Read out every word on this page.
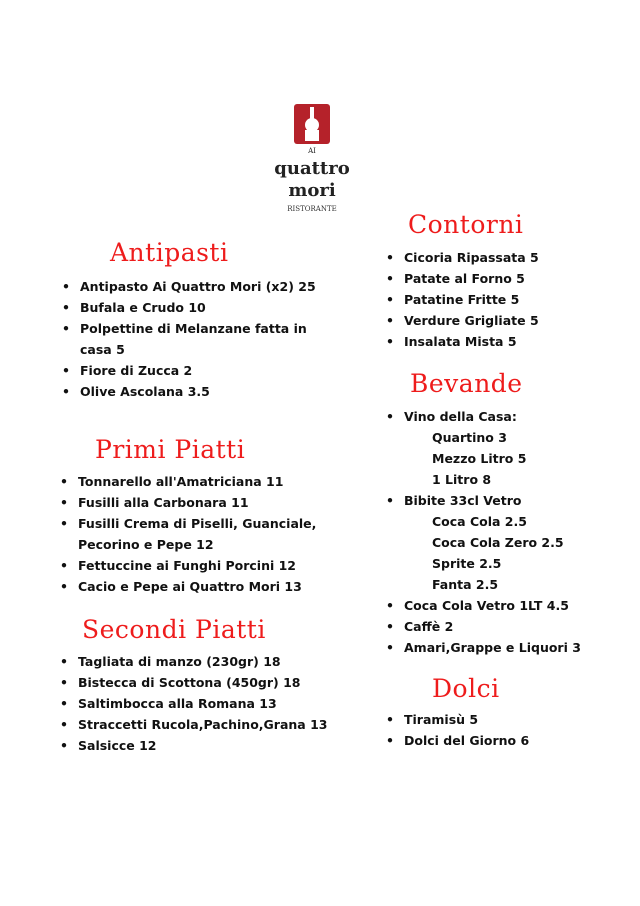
AI
quattro
mori
RISTORANTE
Antipasti
• Antipasto Ai Quattro Mori (x2) 25
• Bufala e Crudo 10
• Polpettine di Melanzane fatta in
casa 5
• Fiore di Zucca 2
• Olive Ascolana 3.5
Primi Piatti
• Tonnarello all'Amatriciana 11
• Fusilli alla Carbonara 11
• Fusilli Crema di Piselli, Guanciale,
Pecorino e Pepe 12
• Fettuccine ai Funghi Porcini 12
• Cacio e Pepe ai Quattro Mori 13
Secondi Piatti
• Tagliata di manzo (230gr) 18
• Bistecca di Scottona (450gr) 18
• Saltimbocca alla Romana 13
• Straccetti Rucola,Pachino,Grana 13
• Salsicce 12
Contorni
• Cicoria Ripassata 5
• Patate al Forno 5
• Patatine Fritte 5
• Verdure Grigliate 5
• Insalata Mista 5
Bevande
• Vino della Casa:
Quartino 3
Mezzo Litro 5
1 Litro 8
• Bibite 33cl Vetro
Coca Cola 2.5
Coca Cola Zero 2.5
Sprite 2.5
Fanta 2.5
• Coca Cola Vetro 1LT 4.5
• Caffè 2
• Amari,Grappe e Liquori 3
Dolci
• Tiramisù 5
• Dolci del Giorno 6
